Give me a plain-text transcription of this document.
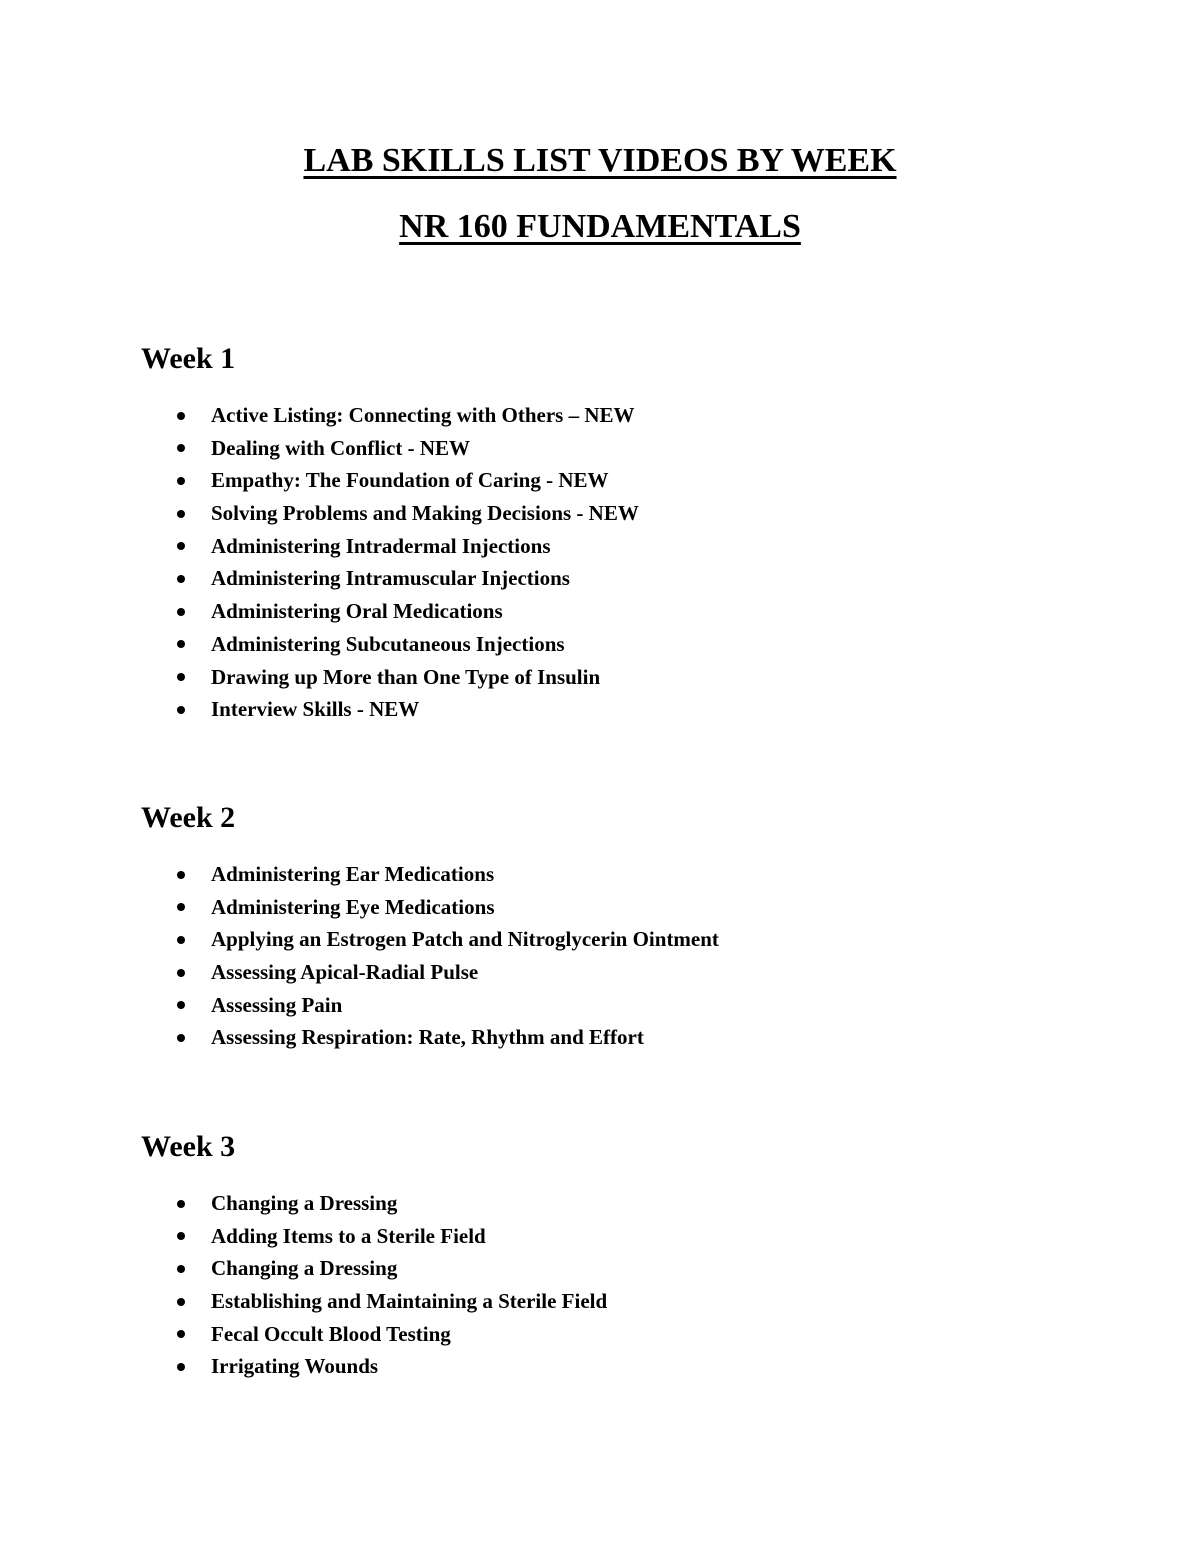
LAB SKILLS LIST VIDEOS BY WEEK
NR 160 FUNDAMENTALS
Week 1
Active Listing: Connecting with Others – NEW
Dealing with Conflict - NEW
Empathy: The Foundation of Caring - NEW
Solving Problems and Making Decisions - NEW
Administering Intradermal Injections
Administering Intramuscular Injections
Administering Oral Medications
Administering Subcutaneous Injections
Drawing up More than One Type of Insulin
Interview Skills - NEW
Week 2
Administering Ear Medications
Administering Eye Medications
Applying an Estrogen Patch and Nitroglycerin Ointment
Assessing Apical-Radial Pulse
Assessing Pain
Assessing Respiration: Rate, Rhythm and Effort
Week 3
Changing a Dressing
Adding Items to a Sterile Field
Changing a Dressing
Establishing and Maintaining a Sterile Field
Fecal Occult Blood Testing
Irrigating Wounds
